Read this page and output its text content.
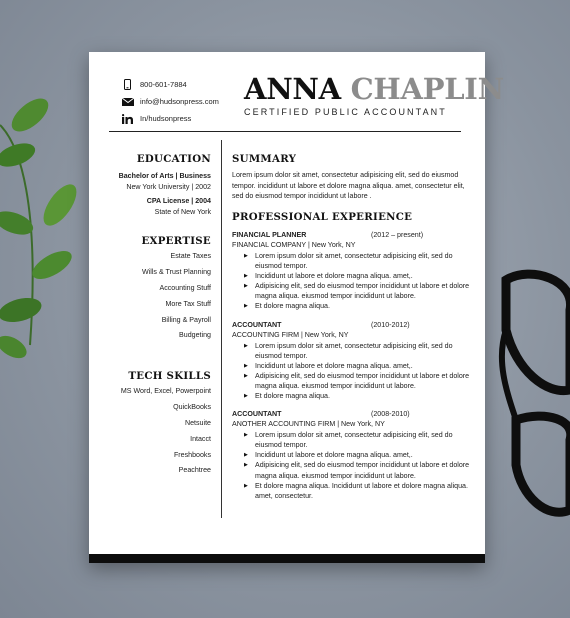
800-601-7884
info@hudsonpress.com
In/hudsonpress
ANNA CHAPLIN
CERTIFIED PUBLIC ACCOUNTANT
EDUCATION
Bachelor of Arts | Business
New York University | 2002
CPA License | 2004
State of New York
EXPERTISE
Estate Taxes
Wills & Trust Planning
Accounting Stuff
More Tax Stuff
Billing & Payroll
Budgeting
TECH SKILLS
MS Word, Excel, Powerpoint
QuickBooks
Netsuite
Intacct
Freshbooks
Peachtree
SUMMARY
Lorem ipsum dolor sit amet, consectetur adipisicing elit, sed do eiusmod tempor. incididunt ut labore et dolore magna aliqua. amet, consectetur elit, sed do eiusmod tempor incididunt ut labore .
PROFESSIONAL EXPERIENCE
FINANCIAL PLANNER	(2012 – present)
FINANCIAL COMPANY | New York, NY
▶ Lorem ipsum dolor sit amet, consectetur adipisicing elit, sed do eiusmod tempor.
▶ Incididunt ut labore et dolore magna aliqua. amet,.
▶ Adipisicing elit, sed do eiusmod tempor incididunt ut labore et dolore magna aliqua. eiusmod tempor incididunt ut labore.
▶ Et dolore magna aliqua.
ACCOUNTANT	(2010-2012)
ACCOUNTING FIRM | New York, NY
▶ Lorem ipsum dolor sit amet, consectetur adipisicing elit, sed do eiusmod tempor.
▶ Incididunt ut labore et dolore magna aliqua. amet,.
▶ Adipisicing elit, sed do eiusmod tempor incididunt ut labore et dolore magna aliqua. eiusmod tempor incididunt ut labore.
▶ Et dolore magna aliqua.
ACCOUNTANT	(2008-2010)
ANOTHER ACCOUNTING FIRM | New York, NY
▶ Lorem ipsum dolor sit amet, consectetur adipisicing elit, sed do eiusmod tempor.
▶ Incididunt ut labore et dolore magna aliqua. amet,.
▶ Adipisicing elit, sed do eiusmod tempor incididunt ut labore et dolore magna aliqua. eiusmod tempor incididunt ut labore.
▶ Et dolore magna aliqua. Incididunt ut labore et dolore magna aliqua. amet, consectetur.
